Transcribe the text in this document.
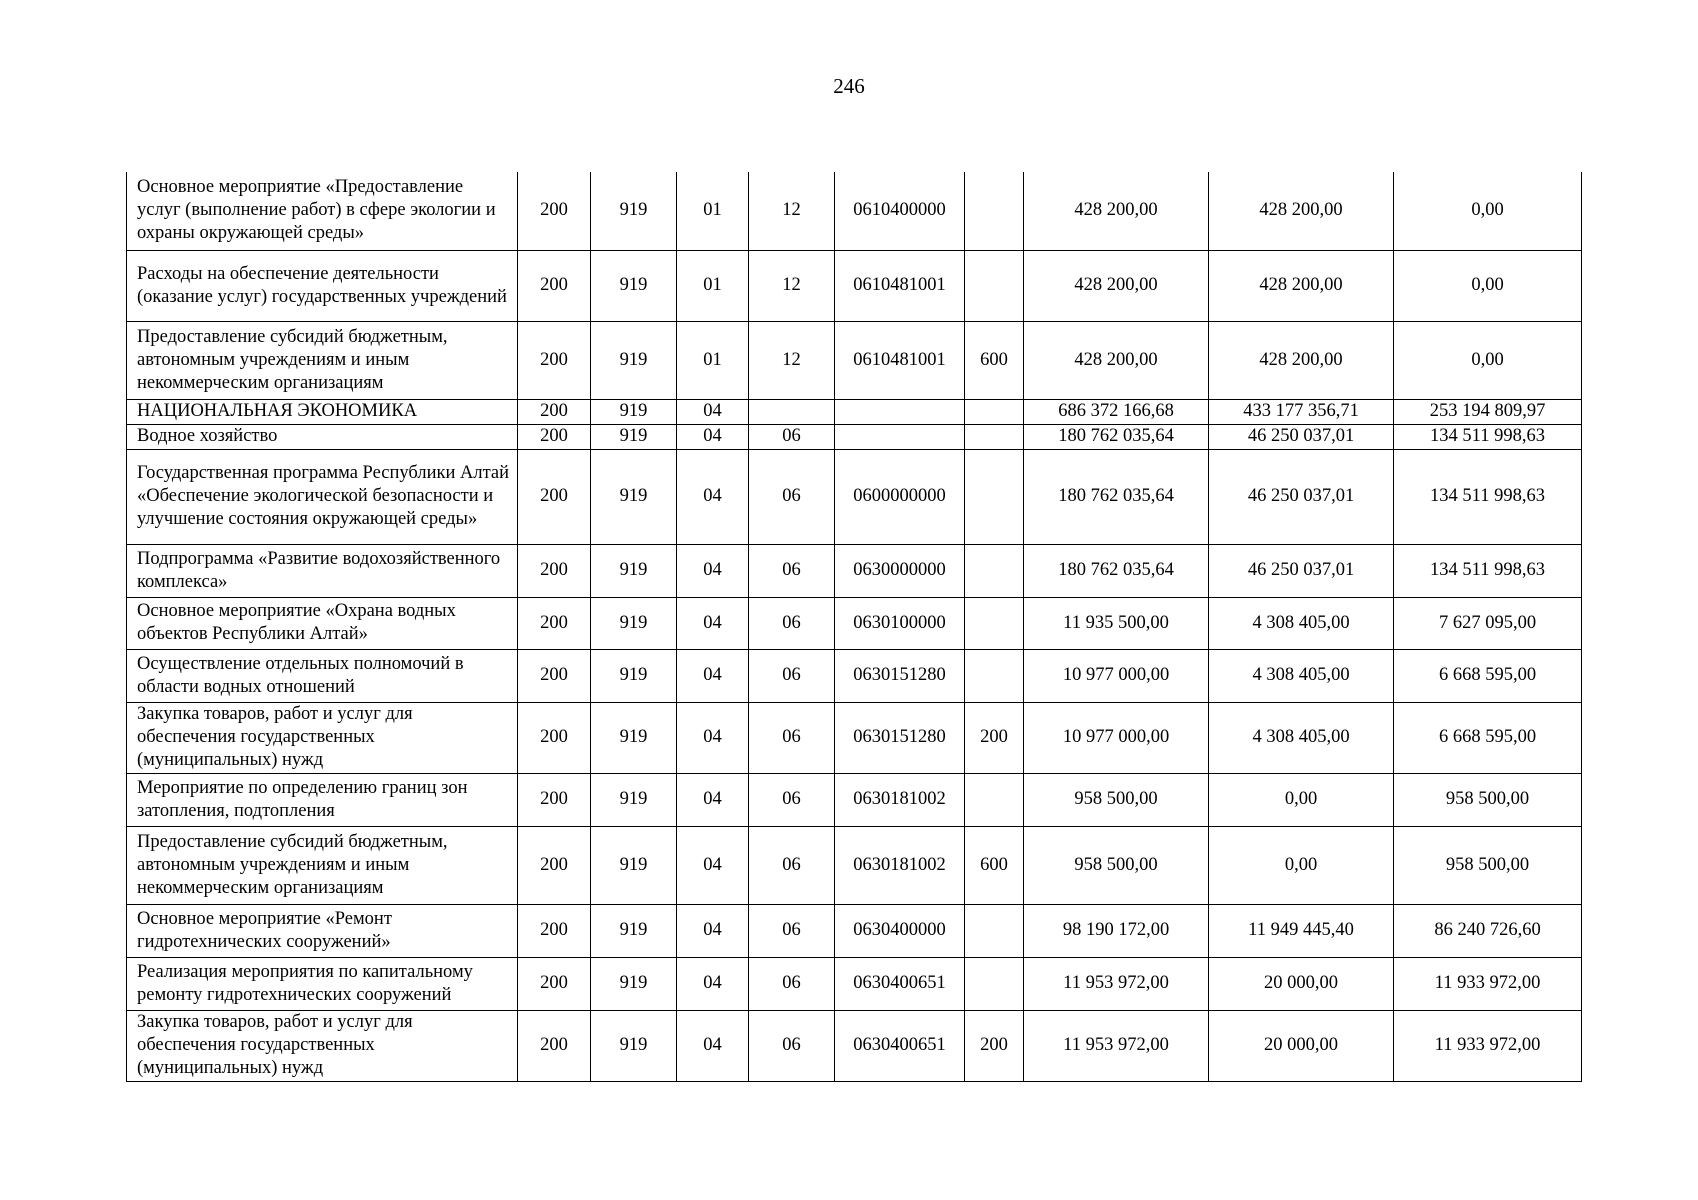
246
Основное мероприятие «Предоставление услуг (выполнение работ) в сфере экологии и охраны окружающей среды»	200	919	01	12	0610400000		428 200,00	428 200,00	0,00
Расходы на обеспечение деятельности (оказание услуг) государственных учреждений	200	919	01	12	0610481001		428 200,00	428 200,00	0,00
Предоставление субсидий бюджетным, автономным учреждениям и иным некоммерческим организациям	200	919	01	12	0610481001	600	428 200,00	428 200,00	0,00
НАЦИОНАЛЬНАЯ ЭКОНОМИКА	200	919	04				686 372 166,68	433 177 356,71	253 194 809,97
Водное хозяйство	200	919	04	06			180 762 035,64	46 250 037,01	134 511 998,63
Государственная программа Республики Алтай «Обеспечение экологической безопасности и улучшение состояния окружающей среды»	200	919	04	06	0600000000		180 762 035,64	46 250 037,01	134 511 998,63
Подпрограмма «Развитие водохозяйственного комплекса»	200	919	04	06	0630000000		180 762 035,64	46 250 037,01	134 511 998,63
Основное мероприятие «Охрана водных объектов Республики Алтай»	200	919	04	06	0630100000		11 935 500,00	4 308 405,00	7 627 095,00
Осуществление отдельных полномочий в области водных отношений	200	919	04	06	0630151280		10 977 000,00	4 308 405,00	6 668 595,00
Закупка товаров, работ и услуг для обеспечения государственных (муниципальных) нужд	200	919	04	06	0630151280	200	10 977 000,00	4 308 405,00	6 668 595,00
Мероприятие по определению границ зон затопления, подтопления	200	919	04	06	0630181002		958 500,00	0,00	958 500,00
Предоставление субсидий бюджетным, автономным учреждениям и иным некоммерческим организациям	200	919	04	06	0630181002	600	958 500,00	0,00	958 500,00
Основное мероприятие «Ремонт гидротехнических сооружений»	200	919	04	06	0630400000		98 190 172,00	11 949 445,40	86 240 726,60
Реализация мероприятия по капитальному ремонту гидротехнических сооружений	200	919	04	06	0630400651		11 953 972,00	20 000,00	11 933 972,00
Закупка товаров, работ и услуг для обеспечения государственных (муниципальных) нужд	200	919	04	06	0630400651	200	11 953 972,00	20 000,00	11 933 972,00
